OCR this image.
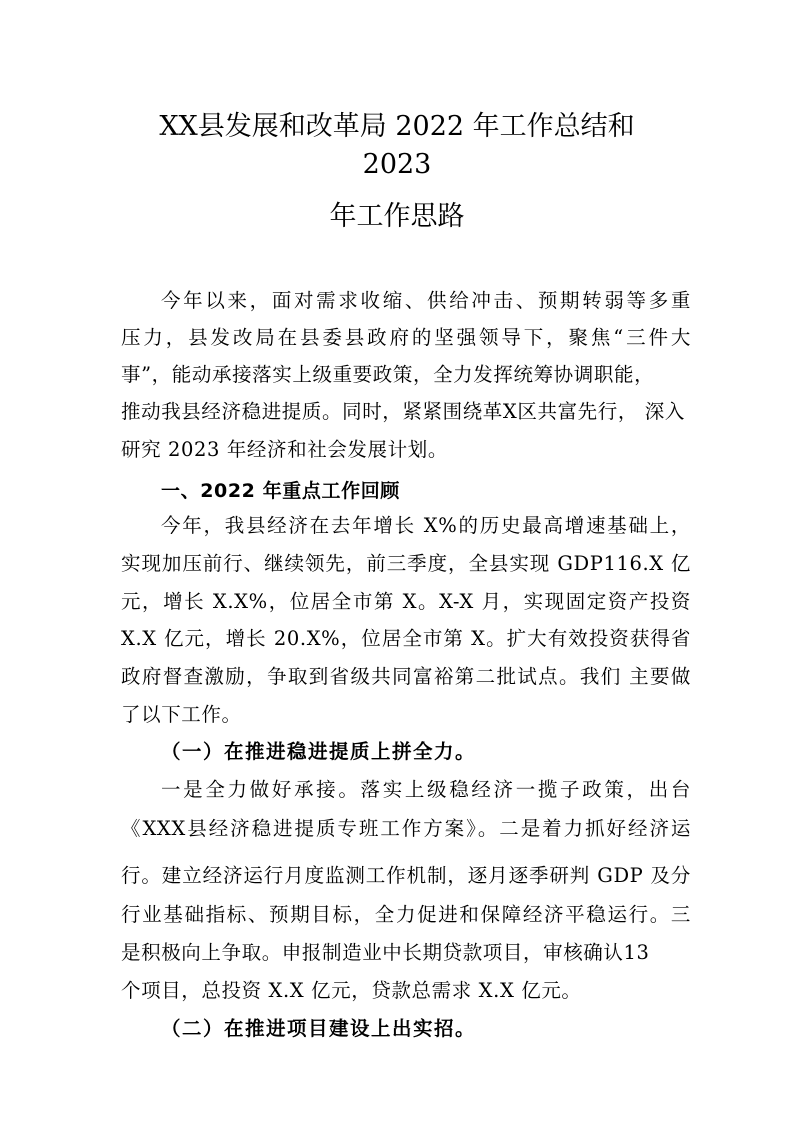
XX县发展和改革局 2022 年工作总结和
2023
年工作思路
今年以来，面对需求收缩、供给冲击、预期转弱等多重
压力，县发改局在县委县政府的坚强领导下，聚焦“三件大
事”，能动承接落实上级重要政策，全力发挥统筹协调职能，
推动我县经济稳进提质。同时，紧紧围绕革X区共富先行， 深入
研究 2023 年经济和社会发展计划。
一、2022 年重点工作回顾
今年，我县经济在去年增长 X%的历史最高增速基础上，
实现加压前行、继续领先，前三季度，全县实现 GDP116.X 亿
元，增长 X.X%，位居全市第 X。X-X 月，实现固定资产投资
X.X 亿元，增长 20.X%，位居全市第 X。扩大有效投资获得省
政府督查激励，争取到省级共同富裕第二批试点。我们 主要做
了以下工作。
（一）在推进稳进提质上拼全力。
一是全力做好承接。落实上级稳经济一揽子政策，出台
《XXX县经济稳进提质专班工作方案》。二是着力抓好经济运
行。建立经济运行月度监测工作机制，逐月逐季研判 GDP 及分
行业基础指标、预期目标，全力促进和保障经济平稳运行。三
是积极向上争取。申报制造业中长期贷款项目，审核确认13
个项目，总投资 X.X 亿元，贷款总需求 X.X 亿元。
（二）在推进项目建设上出实招。
